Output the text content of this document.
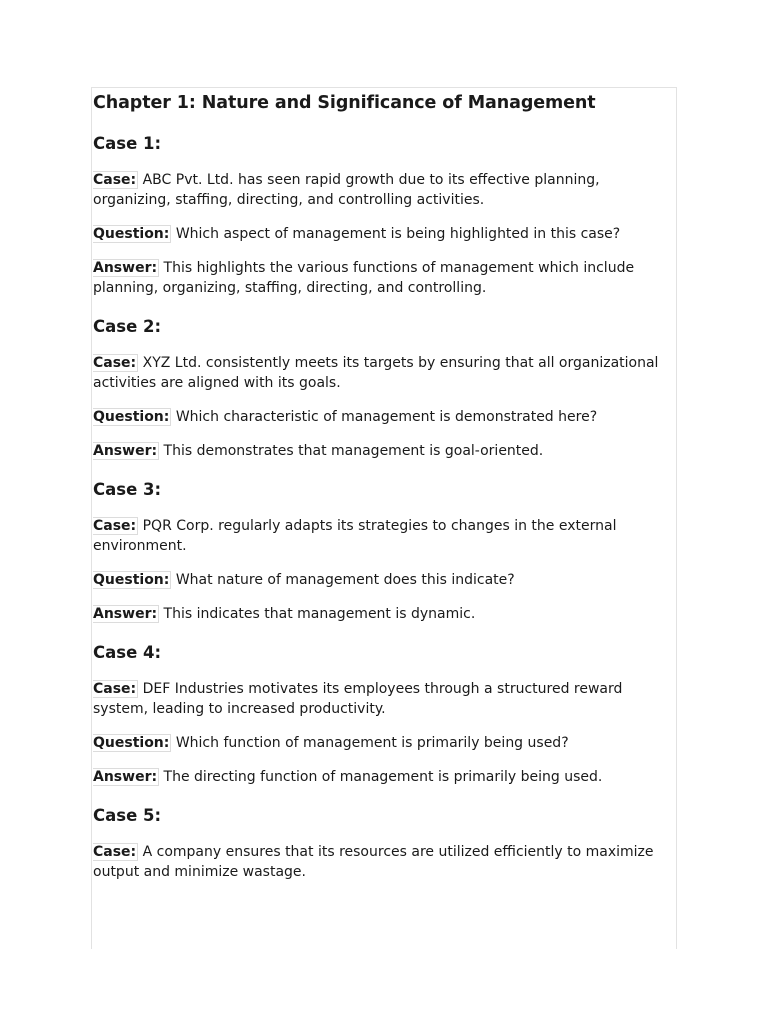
Chapter 1: Nature and Significance of Management
Case 1:

Case: ABC Pvt. Ltd. has seen rapid growth due to its effective planning, organizing, staffing, directing, and controlling activities.

Question: Which aspect of management is being highlighted in this case?

Answer: This highlights the various functions of management which include planning, organizing, staffing, directing, and controlling.

Case 2:

Case: XYZ Ltd. consistently meets its targets by ensuring that all organizational activities are aligned with its goals.

Question: Which characteristic of management is demonstrated here?

Answer: This demonstrates that management is goal-oriented.

Case 3:

Case: PQR Corp. regularly adapts its strategies to changes in the external environment.

Question: What nature of management does this indicate?

Answer: This indicates that management is dynamic.

Case 4:

Case: DEF Industries motivates its employees through a structured reward system, leading to increased productivity.

Question: Which function of management is primarily being used?

Answer: The directing function of management is primarily being used.

Case 5:

Case: A company ensures that its resources are utilized efficiently to maximize output and minimize wastage.
